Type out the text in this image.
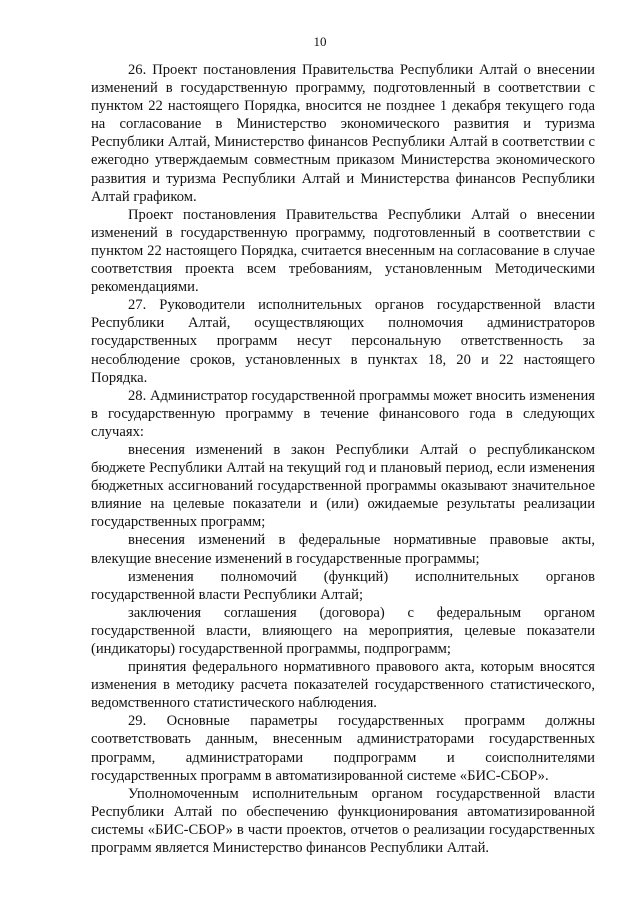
10

26. Проект постановления Правительства Республики Алтай о внесении изменений в государственную программу, подготовленный в соответствии с пунктом 22 настоящего Порядка, вносится не позднее 1 декабря текущего года на согласование в Министерство экономического развития и туризма Республики Алтай, Министерство финансов Республики Алтай в соответствии с ежегодно утверждаемым совместным приказом Министерства экономического развития и туризма Республики Алтай и Министерства финансов Республики Алтай графиком.

Проект постановления Правительства Республики Алтай о внесении изменений в государственную программу, подготовленный в соответствии с пунктом 22 настоящего Порядка, считается внесенным на согласование в случае соответствия проекта всем требованиям, установленным Методическими рекомендациями.

27. Руководители исполнительных органов государственной власти Республики Алтай, осуществляющих полномочия администраторов государственных программ несут персональную ответственность за несоблюдение сроков, установленных в пунктах 18, 20 и 22 настоящего Порядка.

28. Администратор государственной программы может вносить изменения в государственную программу в течение финансового года в следующих случаях:

внесения изменений в закон Республики Алтай о республиканском бюджете Республики Алтай на текущий год и плановый период, если изменения бюджетных ассигнований государственной программы оказывают значительное влияние на целевые показатели и (или) ожидаемые результаты реализации государственных программ;

внесения изменений в федеральные нормативные правовые акты, влекущие внесение изменений в государственные программы;

изменения полномочий (функций) исполнительных органов государственной власти Республики Алтай;

заключения соглашения (договора) с федеральным органом государственной власти, влияющего на мероприятия, целевые показатели (индикаторы) государственной программы, подпрограмм;

принятия федерального нормативного правового акта, которым вносятся изменения в методику расчета показателей государственного статистического, ведомственного статистического наблюдения.

29. Основные параметры государственных программ должны соответствовать данным, внесенным администраторами государственных программ, администраторами подпрограмм и соисполнителями государственных программ в автоматизированной системе «БИС-СБОР».

Уполномоченным исполнительным органом государственной власти Республики Алтай по обеспечению функционирования автоматизированной системы «БИС-СБОР» в части проектов, отчетов о реализации государственных программ является Министерство финансов Республики Алтай.
